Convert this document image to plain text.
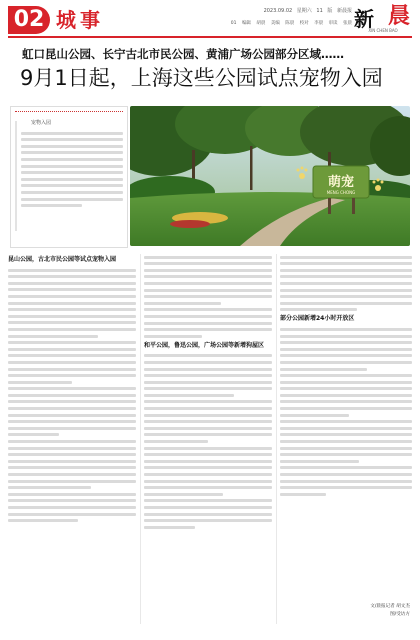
02 城事	2023.09.02 星期六 11 版 新晨报
01 编辑 胡晨 美编 陈晨 校对 李晨 审读 张晨 新 晨
XIN CHEN BAO
虹口昆山公园、长宁古北市民公园、黄浦广场公园部分区域……
9月1日起，上海这些公园试点宠物入园
宠物入园
萌宠
MENG CHONG
昆山公园，古北市民公园等试点宠物入园
和平公园，鲁迅公园，广场公园等新增狗屋区
部分公园新增24小时开放区
文/晨报记者 胡文杰
图/受访方
